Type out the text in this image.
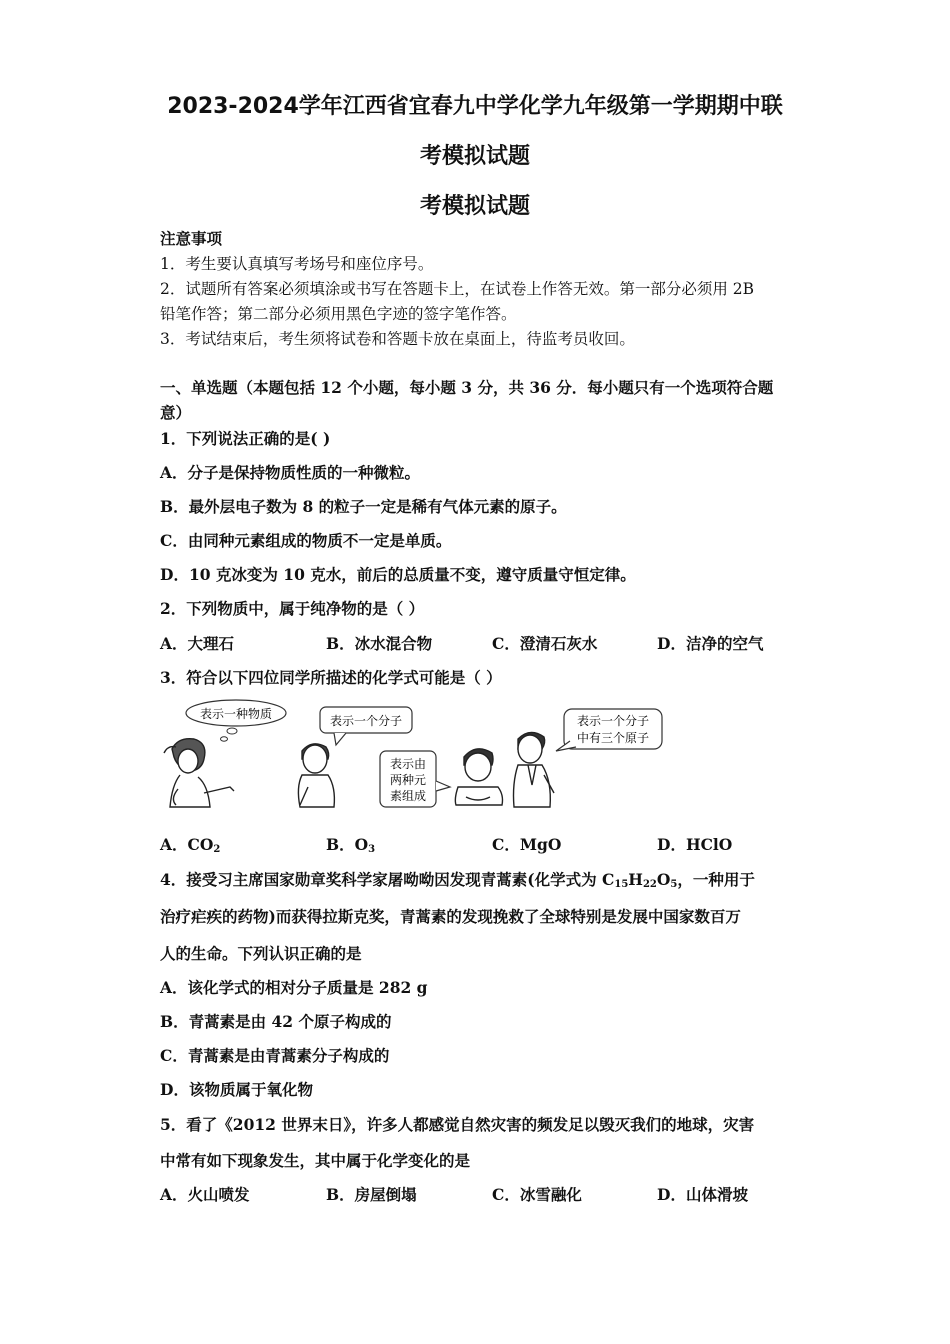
2023-2024学年江西省宜春九中学化学九年级第一学期期中联
考模拟试题
考模拟试题
注意事项
1．考生要认真填写考场号和座位序号。
2．试题所有答案必须填涂或书写在答题卡上，在试卷上作答无效。第一部分必须用 2B
铅笔作答；第二部分必须用黑色字迹的签字笔作答。
3．考试结束后，考生须将试卷和答题卡放在桌面上，待监考员收回。
一、单选题（本题包括 12 个小题，每小题 3 分，共 36 分．每小题只有一个选项符合题
意）
1．下列说法正确的是( )
A．分子是保持物质性质的一种微粒。
B．最外层电子数为 8 的粒子一定是稀有气体元素的原子。
C．由同种元素组成的物质不一定是单质。
D．10 克冰变为 10 克水，前后的总质量不变，遵守质量守恒定律。
2．下列物质中，属于纯净物的是（ ）
A．大理石	B．冰水混合物	C．澄清石灰水	D．洁净的空气
3．符合以下四位同学所描述的化学式可能是（ ）
表示一种物质	表示一个分子
表示由
两种元
素组成
表示一个分子
中有三个原子
A．$CO_2$	B．$O_3$	C．MgO	D．HClO
4．接受习主席国家勋章奖科学家屠呦呦因发现青蒿素(化学式为 $C_{15}H_{22}O_5$，一种用于
治疗疟疾的药物)而获得拉斯克奖，青蒿素的发现挽救了全球特别是发展中国家数百万
人的生命。下列认识正确的是
A．该化学式的相对分子质量是 282 g
B．青蒿素是由 42 个原子构成的
C．青蒿素是由青蒿素分子构成的
D．该物质属于氧化物
5．看了《2012 世界末日》，许多人都感觉自然灾害的频发足以毁灭我们的地球，灾害
中常有如下现象发生，其中属于化学变化的是
A．火山喷发	B．房屋倒塌	C．冰雪融化	D．山体滑坡
